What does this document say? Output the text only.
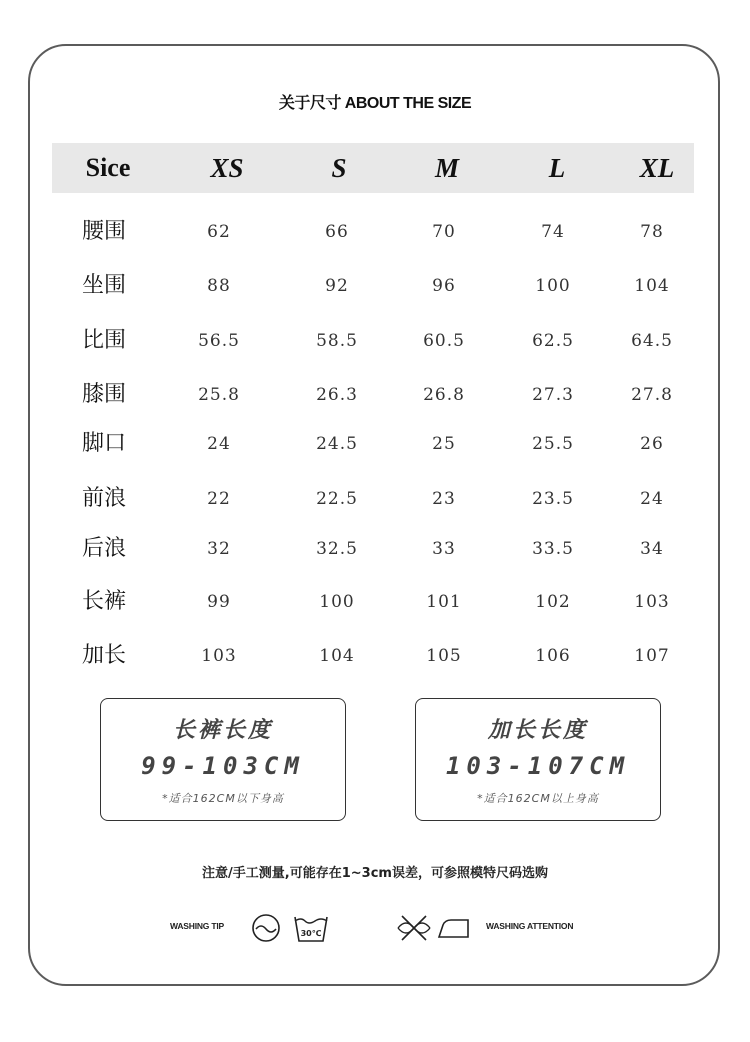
关于尺寸 ABOUT THE SIZE
Sice	XS	S	M	L	XL
腰围	62	66	70	74	78
坐围	88	92	96	100	104
比围	56.5	58.5	60.5	62.5	64.5
膝围	25.8	26.3	26.8	27.3	27.8
脚口	24	24.5	25	25.5	26
前浪	22	22.5	23	23.5	24
后浪	32	32.5	33	33.5	34
长裤	99	100	101	102	103
加长	103	104	105	106	107
长裤长度
99-103CM
*适合162CM以下身高
加长长度
103-107CM
*适合162CM以上身高
注意/手工测量,可能存在1~3cm误差，可参照模特尺码选购
WASHING TIP
30℃
WASHING ATTENTION
